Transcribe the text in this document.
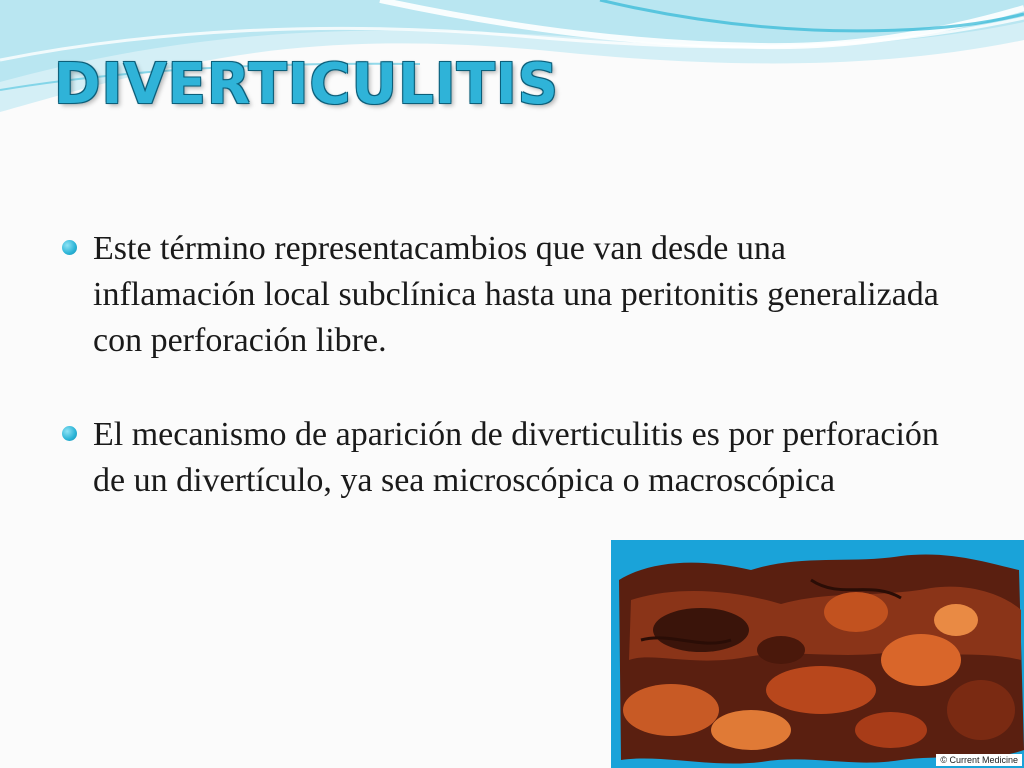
DIVERTICULITIS
Este término representacambios que van desde una inflamación local subclínica hasta una peritonitis generalizada con perforación libre.
El mecanismo de aparición de diverticulitis es por perforación de un divertículo, ya sea microscópica o macroscópica
© Current Medicine
